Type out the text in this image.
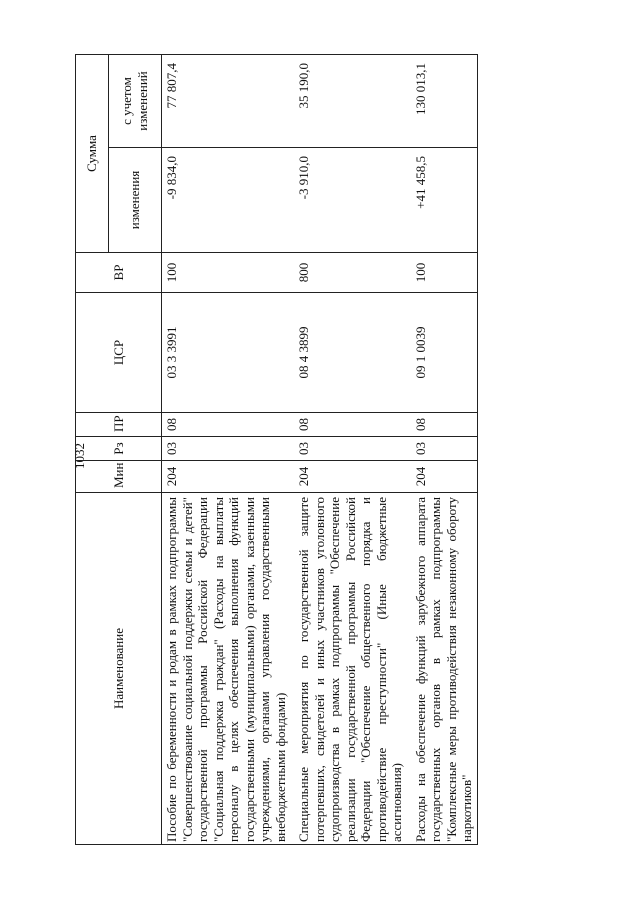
1032
Наименование	Мин	Рз	ПР	ЦСР	ВР	Сумма	
						изменения	с учетом изменений
Пособие по беременности и родам в рамках подпрограммы "Совершенствование социальной поддержки семьи и детей" государственной программы Российской Федерации "Социальная поддержка граждан" (Расходы на выплаты персоналу в целях обеспечения выполнения функций государственными (муниципальными) органами, казенными учреждениями, органами управления государственными внебюджетными фондами)	204	03	08	03 3 3991	100	-9 834,0	77 807,4
Специальные мероприятия по государственной защите потерпевших, свидетелей и иных участников уголовного судопроизводства в рамках подпрограммы "Обеспечение реализации государственной программы Российской Федерации "Обеспечение общественного порядка и противодействие преступности" (Иные бюджетные ассигнования)	204	03	08	08 4 3899	800	-3 910,0	35 190,0
Расходы на обеспечение функций зарубежного аппарата государственных органов в рамках подпрограммы "Комплексные меры противодействия незаконному обороту наркотиков"	204	03	08	09 1 0039	100	+41 458,5	130 013,1
